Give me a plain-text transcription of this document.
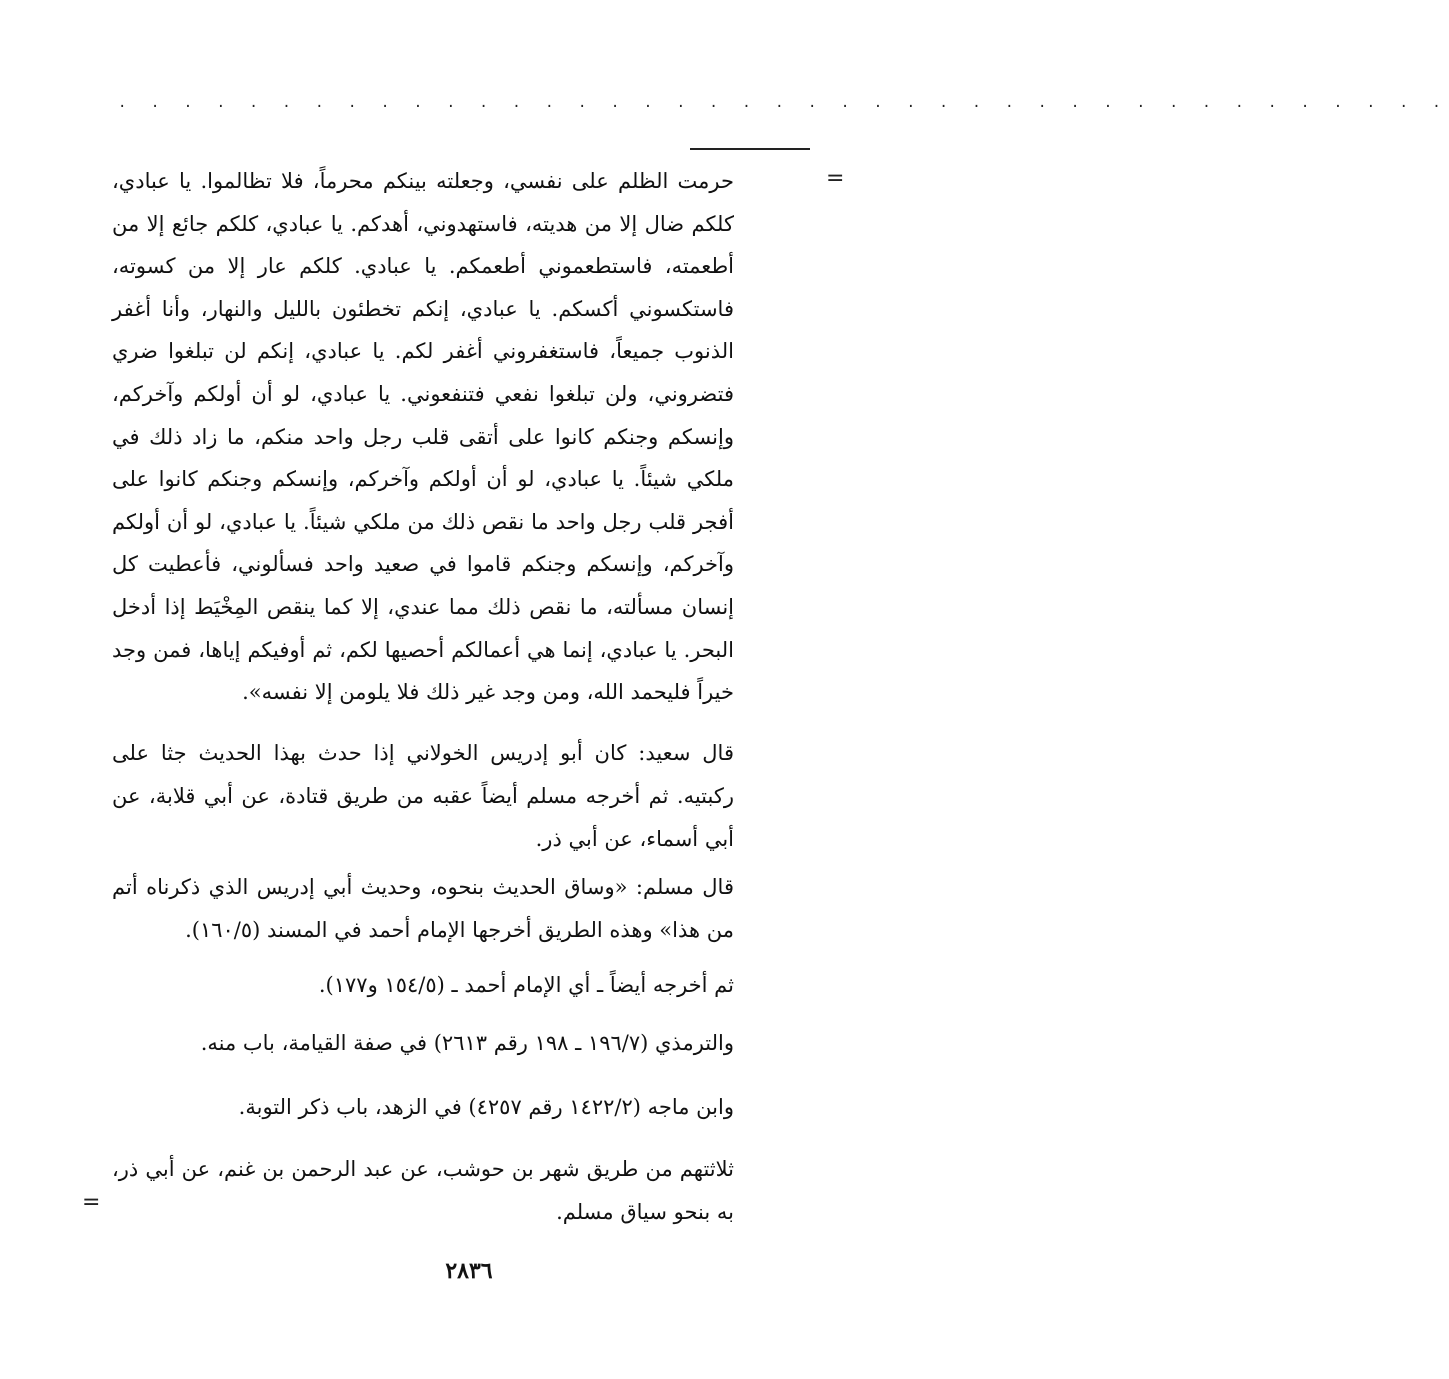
. . . . . . . . . . . . . . . . . . . . . . . . . . . . . . . . . . . . . . . . .
=
حرمت الظلم على نفسي، وجعلته بينكم محرماً، فلا تظالموا. يا عبادي، كلكم ضال إلا من هديته، فاستهدوني، أهدكم. يا عبادي، كلكم جائع إلا من أطعمته، فاستطعموني أطعمكم. يا عبادي. كلكم عار إلا من كسوته، فاستكسوني أكسكم. يا عبادي، إنكم تخطئون بالليل والنهار، وأنا أغفر الذنوب جميعاً، فاستغفروني أغفر لكم. يا عبادي، إنكم لن تبلغوا ضري فتضروني، ولن تبلغوا نفعي فتنفعوني. يا عبادي، لو أن أولكم وآخركم، وإنسكم وجنكم كانوا على أتقى قلب رجل واحد منكم، ما زاد ذلك في ملكي شيئاً. يا عبادي، لو أن أولكم وآخركم، وإنسكم وجنكم كانوا على أفجر قلب رجل واحد ما نقص ذلك من ملكي شيئاً. يا عبادي، لو أن أولكم وآخركم، وإنسكم وجنكم قاموا في صعيد واحد فسألوني، فأعطيت كل إنسان مسألته، ما نقص ذلك مما عندي، إلا كما ينقص المِخْيَط إذا أدخل البحر. يا عبادي، إنما هي أعمالكم أحصيها لكم، ثم أوفيكم إياها، فمن وجد خيراً فليحمد الله، ومن وجد غير ذلك فلا يلومن إلا نفسه».
قال سعيد: كان أبو إدريس الخولاني إذا حدث بهذا الحديث جثا على ركبتيه. ثم أخرجه مسلم أيضاً عقبه من طريق قتادة، عن أبي قلابة، عن أبي أسماء، عن أبي ذر.
قال مسلم: «وساق الحديث بنحوه، وحديث أبي إدريس الذي ذكرناه أتم من هذا» وهذه الطريق أخرجها الإمام أحمد في المسند (١٦٠/٥).
ثم أخرجه أيضاً ـ أي الإمام أحمد ـ (١٥٤/٥ و١٧٧).
والترمذي (١٩٦/٧ ـ ١٩٨ رقم ٢٦١٣) في صفة القيامة، باب منه.
وابن ماجه (١٤٢٢/٢ رقم ٤٢٥٧) في الزهد، باب ذكر التوبة.
ثلاثتهم من طريق شهر بن حوشب، عن عبد الرحمن بن غنم، عن أبي ذر، به بنحو سياق مسلم.
=
٢٨٣٦
